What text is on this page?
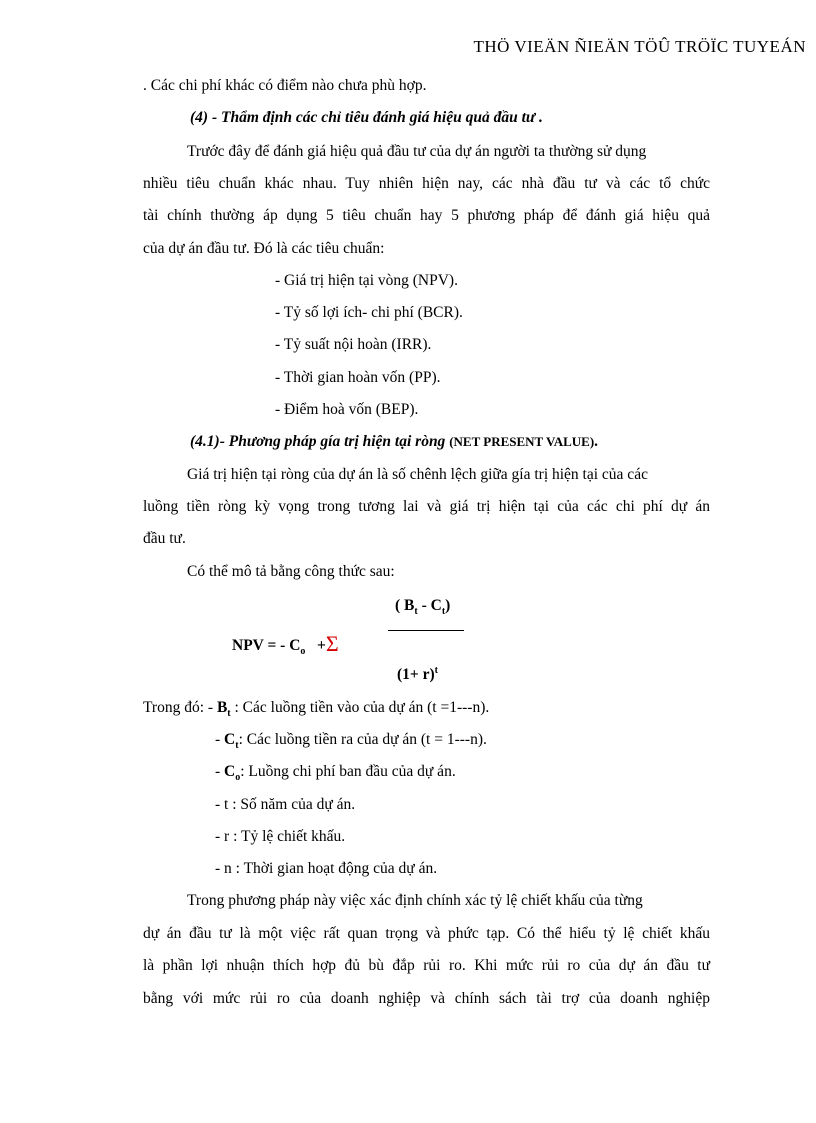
THÖ VIEÄN ÑIEÄN TÖÛ TRÖÏC TUYEÁN
. Các chi phí khác có điểm nào chưa phù hợp.
(4) - Thẩm định các chỉ tiêu đánh giá hiệu quả đầu tư .
Trước đây để đánh giá hiệu quả đầu tư của dự án người ta thường sử dụng
nhiều tiêu chuẩn khác nhau. Tuy nhiên hiện nay, các nhà đầu tư và các tổ chức
tài chính thường áp dụng 5 tiêu chuẩn hay 5 phương pháp để đánh giá hiệu quả
của dự án đầu tư. Đó là các tiêu chuẩn:
- Giá trị hiện tại vòng (NPV).
- Tỷ số lợi ích- chi phí (BCR).
- Tỷ suất nội hoàn (IRR).
- Thời gian hoàn vốn (PP).
- Điểm hoà vốn (BEP).
(4.1)- Phương pháp gía trị hiện tại ròng (NET PRESENT VALUE).
Giá trị hiện tại ròng của dự án là số chênh lệch giữa gía trị hiện tại của các
luồng tiền ròng kỳ vọng trong tương lai và giá trị hiện tại của các chi phí dự án
đầu tư.
Có thể mô tả bằng công thức sau:
( $B_t - C_t$)
NPV = - $C_o +\Sigma$
$(1+ r)^t$
Trong đó: - $B_t$ : Các luồng tiền vào của dự án (t =1---n).
- $C_t$: Các luồng tiền ra của dự án (t = 1---n).
- $C_o$: Luồng chi phí ban đầu của dự án.
- t : Số năm của dự án.
- r : Tỷ lệ chiết khấu.
- n : Thời gian hoạt động của dự án.
Trong phương pháp này việc xác định chính xác tỷ lệ chiết khấu của từng
dự án đầu tư là một việc rất quan trọng và phức tạp. Có thể hiểu tỷ lệ chiết khấu
là phần lợi nhuận thích hợp đủ bù đắp rủi ro. Khi mức rủi ro của dự án đầu tư
bằng với mức rủi ro của doanh nghiệp và chính sách tài trợ của doanh nghiệp
